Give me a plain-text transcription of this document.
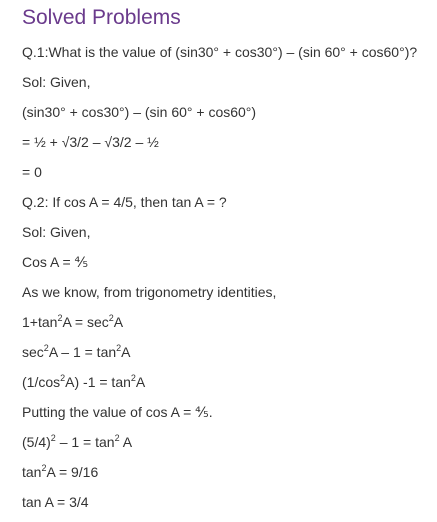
Solved Problems

Q.1:What is the value of (sin30° + cos30°) – (sin 60° + cos60°)?

Sol: Given,

(sin30° + cos30°) – (sin 60° + cos60°)

= ½ + √3/2 – √3/2 – ½

= 0

Q.2: If cos A = 4/5, then tan A = ?

Sol: Given,

Cos A = ⅘

As we know, from trigonometry identities,

$1+\tan^2A = \sec^2A$

$\sec^2A - 1 = \tan^2A$

$(1/\cos^2A) -1 = \tan^2A$

Putting the value of cos A = ⅘.

$(5/4)^2 - 1 = \tan^2 A$

$\tan^2A = 9/16$

tan A = 3/4
